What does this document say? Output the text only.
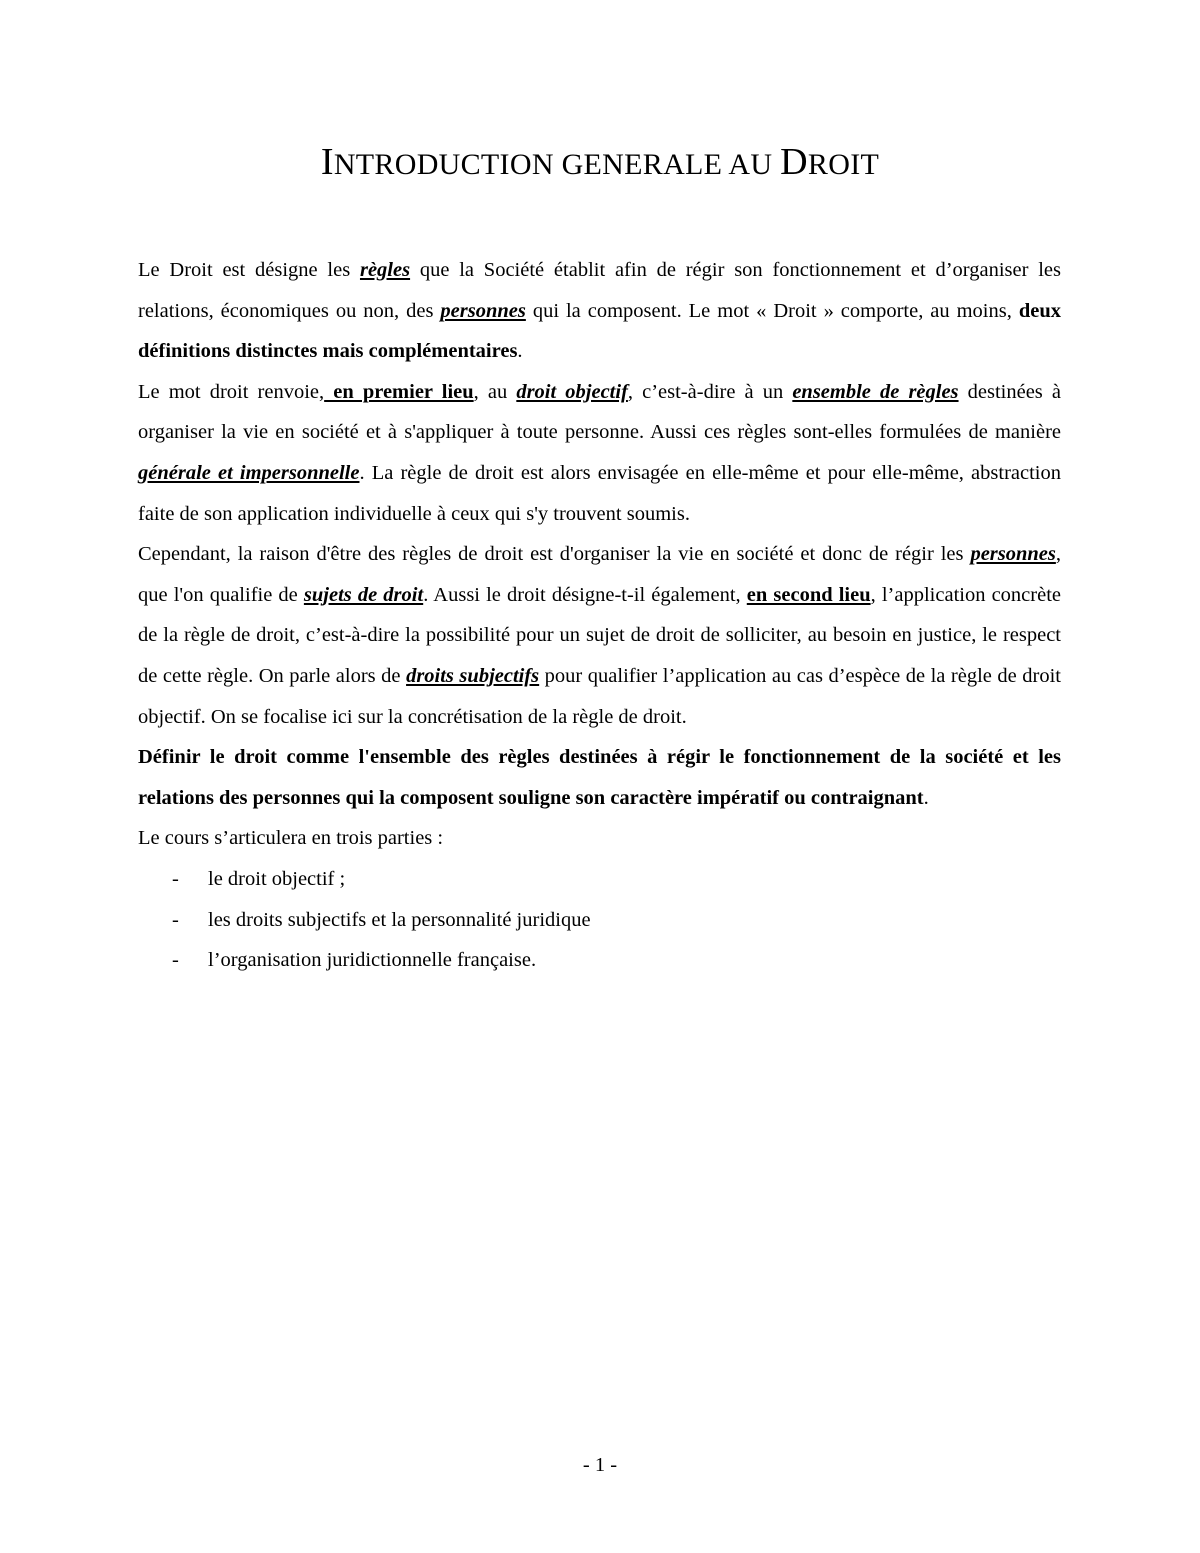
INTRODUCTION GENERALE AU DROIT

Le Droit est désigne les règles que la Société établit afin de régir son fonctionnement et d’organiser les relations, économiques ou non, des personnes qui la composent. Le mot « Droit » comporte, au moins, deux définitions distinctes mais complémentaires.

Le mot droit renvoie, en premier lieu, au droit objectif, c’est-à-dire à un ensemble de règles destinées à organiser la vie en société et à s'appliquer à toute personne. Aussi ces règles sont-elles formulées de manière générale et impersonnelle. La règle de droit est alors envisagée en elle-même et pour elle-même, abstraction faite de son application individuelle à ceux qui s'y trouvent soumis.

Cependant, la raison d'être des règles de droit est d'organiser la vie en société et donc de régir les personnes, que l'on qualifie de sujets de droit. Aussi le droit désigne-t-il également, en second lieu, l’application concrète de la règle de droit, c’est-à-dire la possibilité pour un sujet de droit de solliciter, au besoin en justice, le respect de cette règle. On parle alors de droits subjectifs pour qualifier l’application au cas d’espèce de la règle de droit objectif. On se focalise ici sur la concrétisation de la règle de droit.

Définir le droit comme l'ensemble des règles destinées à régir le fonctionnement de la société et les relations des personnes qui la composent souligne son caractère impératif ou contraignant.

Le cours s’articulera en trois parties :

- le droit objectif ;
- les droits subjectifs et la personnalité juridique
- l’organisation juridictionnelle française.
- 1 -
